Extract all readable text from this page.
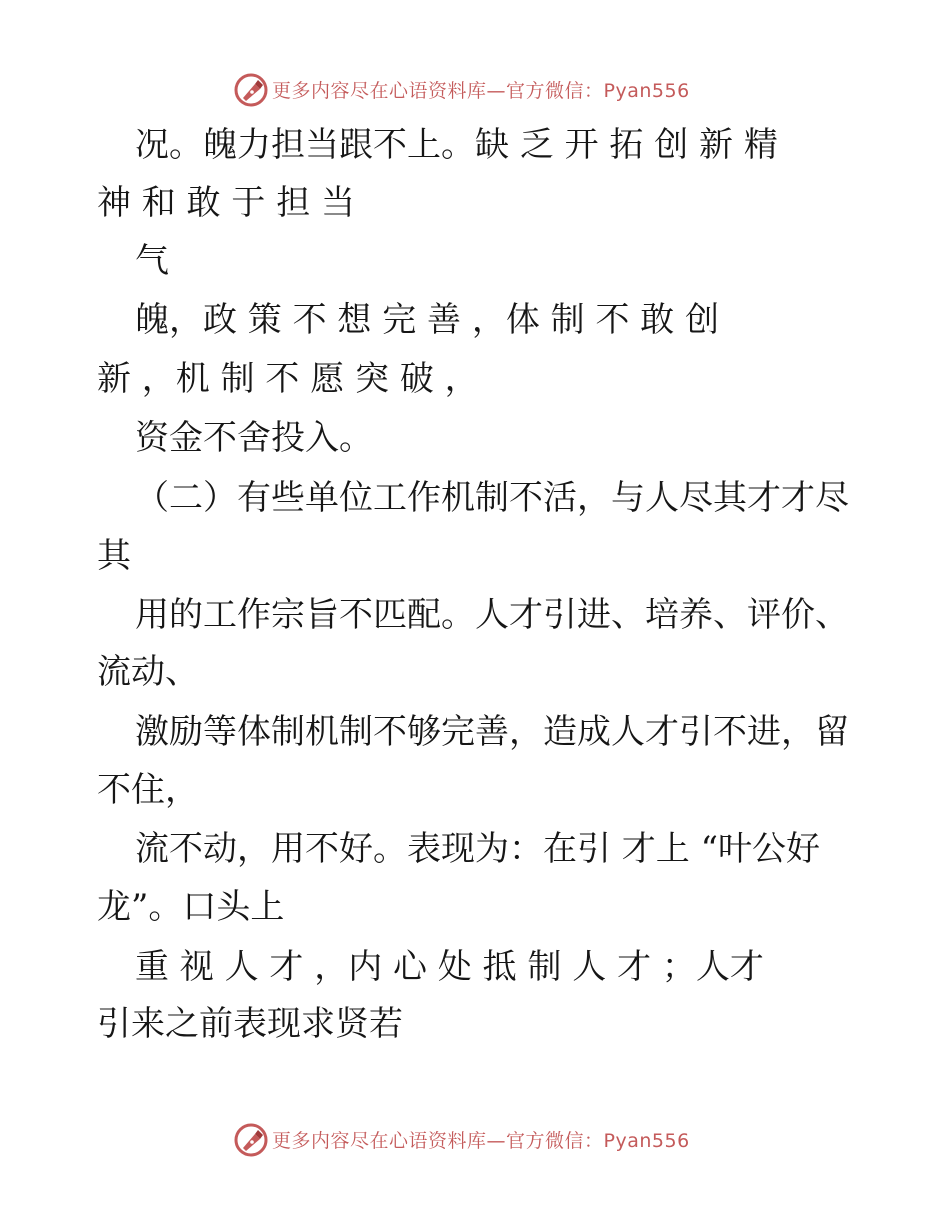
更多内容尽在心语资料库—官方微信：Pyan556
况。魄力担当跟不上。缺 乏 开 拓 创 新 精
神 和 敢 于 担 当
气
魄，政 策 不 想 完 善 ，体 制 不 敢 创
新 ，机 制 不 愿 突 破 ，
资金不舍投入。
（二）有些单位工作机制不活，与人尽其才才尽
其
用的工作宗旨不匹配。人才引进、培养、评价、
流动、
激励等体制机制不够完善，造成人才引不进，留
不住，
流不动，用不好。表现为：在引 才上 “叶公好
龙”。口头上
重 视 人 才 ，内 心 处 抵 制 人 才 ；人才
引来之前表现求贤若
更多内容尽在心语资料库—官方微信：Pyan556
